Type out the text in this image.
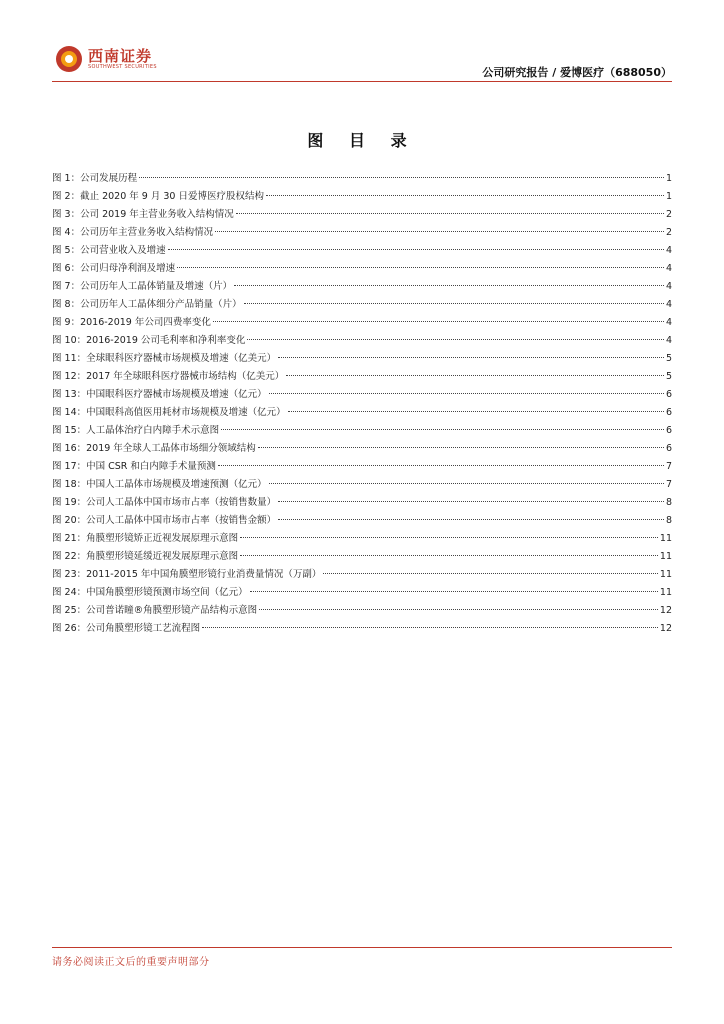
西南证券
SOUTHWEST SECURITIES	公司研究报告 / 爱博医疗（688050）
图 目 录
图 1：公司发展历程	1
图 2：截止 2020 年 9 月 30 日爱博医疗股权结构	1
图 3：公司 2019 年主营业务收入结构情况	2
图 4：公司历年主营业务收入结构情况	2
图 5：公司营业收入及增速	4
图 6：公司归母净利润及增速	4
图 7：公司历年人工晶体销量及增速（片）	4
图 8：公司历年人工晶体细分产品销量（片）	4
图 9：2016-2019 年公司四费率变化	4
图 10：2016-2019 公司毛利率和净利率变化	4
图 11：全球眼科医疗器械市场规模及增速（亿美元）	5
图 12：2017 年全球眼科医疗器械市场结构（亿美元）	5
图 13：中国眼科医疗器械市场规模及增速（亿元）	6
图 14：中国眼科高值医用耗材市场规模及增速（亿元）	6
图 15：人工晶体治疗白内障手术示意图	6
图 16：2019 年全球人工晶体市场细分领域结构	6
图 17：中国 CSR 和白内障手术量预测	7
图 18：中国人工晶体市场规模及增速预测（亿元）	7
图 19：公司人工晶体中国市场市占率（按销售数量）	8
图 20：公司人工晶体中国市场市占率（按销售金额）	8
图 21：角膜塑形镜矫正近视发展原理示意图	11
图 22：角膜塑形镜延缓近视发展原理示意图	11
图 23：2011-2015 年中国角膜塑形镜行业消费量情况（万副）	11
图 24：中国角膜塑形镜预测市场空间（亿元）	11
图 25：公司普诺瞳®角膜塑形镜产品结构示意图	12
图 26：公司角膜塑形镜工艺流程图	12
请务必阅读正文后的重要声明部分
